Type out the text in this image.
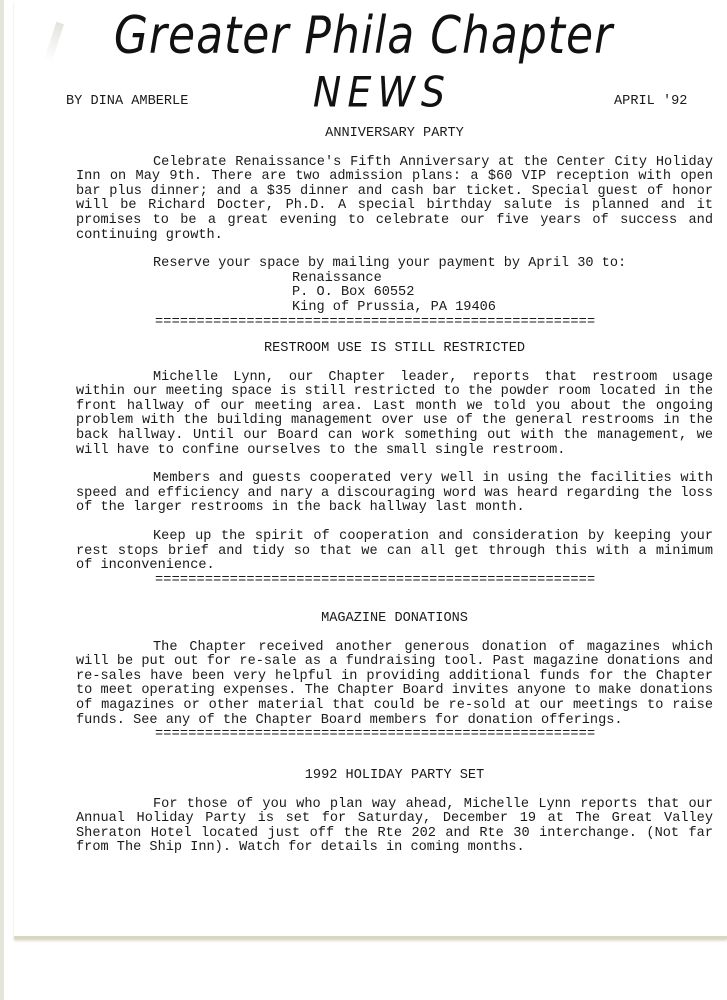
Greater Phila Chapter
NEWS
BY DINA AMBERLE	APRIL '92

ANNIVERSARY PARTY

Celebrate Renaissance's Fifth Anniversary at the Center City Holiday Inn on May 9th. There are two admission plans: a $60 VIP reception with open bar plus dinner; and a $35 dinner and cash bar ticket. Special guest of honor will be Richard Docter, Ph.D. A special birthday salute is planned and it promises to be a great evening to celebrate our five years of success and continuing growth.

Reserve your space by mailing your payment by April 30 to:

Renaissance

P. O. Box 60552

King of Prussia, PA 19406

=====================================================

RESTROOM USE IS STILL RESTRICTED

Michelle Lynn, our Chapter leader, reports that restroom usage within our meeting space is still restricted to the powder room located in the front hallway of our meeting area. Last month we told you about the ongoing problem with the building management over use of the general restrooms in the back hallway. Until our Board can work something out with the management, we will have to confine ourselves to the small single restroom.

Members and guests cooperated very well in using the facilities with speed and efficiency and nary a discouraging word was heard regarding the loss of the larger restrooms in the back hallway last month.

Keep up the spirit of cooperation and consideration by keeping your rest stops brief and tidy so that we can all get through this with a minimum of inconvenience.

=====================================================

MAGAZINE DONATIONS

The Chapter received another generous donation of magazines which will be put out for re-sale as a fundraising tool. Past magazine donations and re-sales have been very helpful in providing additional funds for the Chapter to meet operating expenses. The Chapter Board invites anyone to make donations of magazines or other material that could be re-sold at our meetings to raise funds. See any of the Chapter Board members for donation offerings.

=====================================================

1992 HOLIDAY PARTY SET

For those of you who plan way ahead, Michelle Lynn reports that our Annual Holiday Party is set for Saturday, December 19 at The Great Valley Sheraton Hotel located just off the Rte 202 and Rte 30 interchange. (Not far from The Ship Inn). Watch for details in coming months.
